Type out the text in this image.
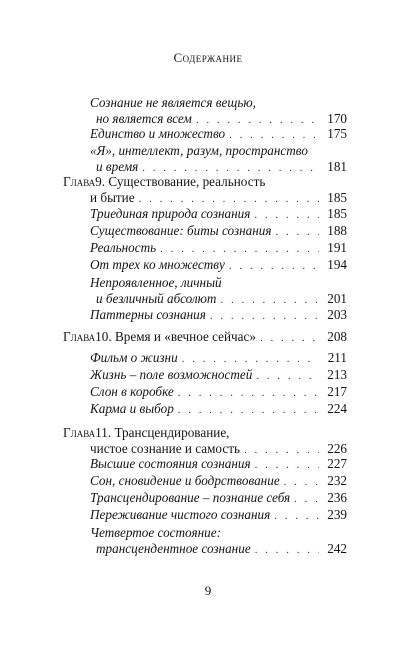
Содержание
Сознание не является вещью,
но является всем . . .	170
Единство и множество . . .	175
«Я», интеллект, разум, пространство
и время . . .	181
Глава 9. Существование, реальность
и бытие . . .	185
Триединая природа сознания . . .	185
Существование: биты сознания . . .	188
Реальность . . .	191
От трех ко множеству . . .	194
Непроявленное, личный
и безличный абсолют . . .	201
Паттерны сознания . . .	203
Глава 10. Время и «вечное сейчас» . . .	208
Фильм о жизни . . .	211
Жизнь – поле возможностей . . .	213
Слон в коробке . . .	217
Карма и выбор . . .	224
Глава 11. Трансцендирование,
чистое сознание и самость . . .	226
Высшие состояния сознания . . .	227
Сон, сновидение и бодрствование . . .	232
Трансцендирование – познание себя . . .	236
Переживание чистого сознания . . .	239
Четвертое состояние:
трансцендентное сознание . . .	242
9
